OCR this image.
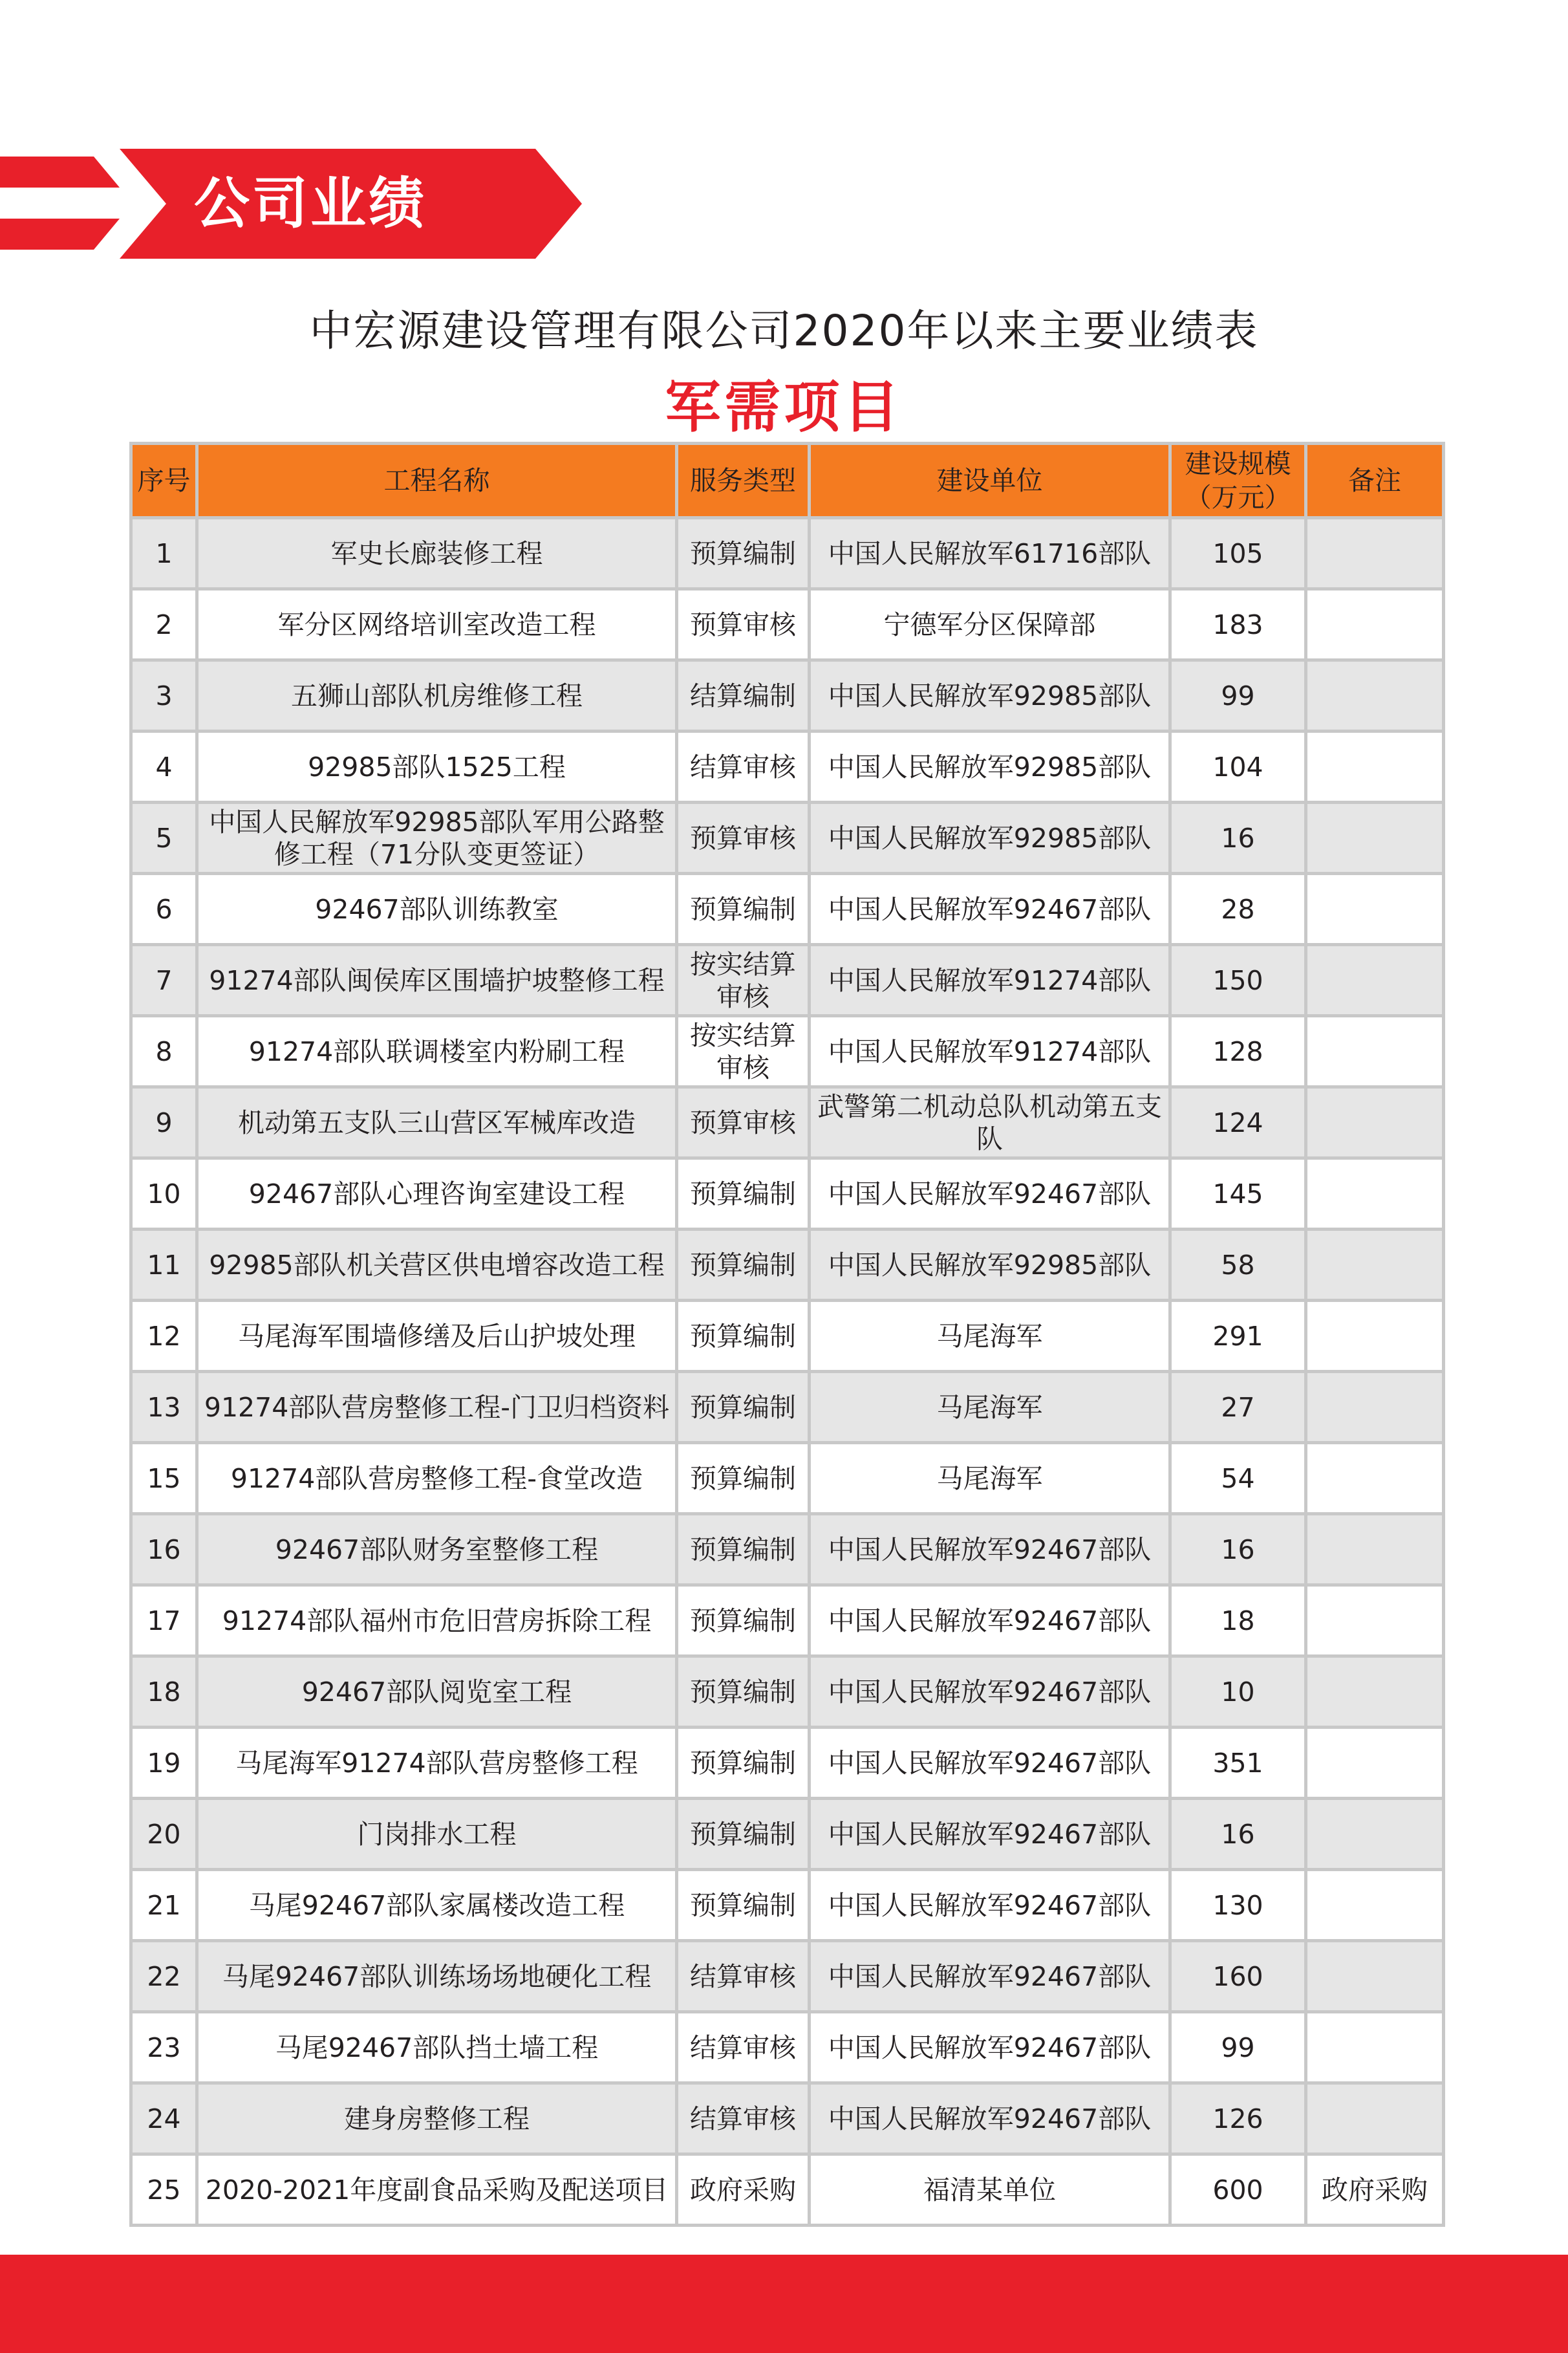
公司业绩
中宏源建设管理有限公司2020年以来主要业绩表
军需项目
序号	工程名称	服务类型	建设单位	建设规模（万元）	备注
1	军史长廊装修工程	预算编制	中国人民解放军61716部队	105	
2	军分区网络培训室改造工程	预算审核	宁德军分区保障部	183	
3	五狮山部队机房维修工程	结算编制	中国人民解放军92985部队	99	
4	92985部队1525工程	结算审核	中国人民解放军92985部队	104	
5	中国人民解放军92985部队军用公路整修工程（71分队变更签证）	预算审核	中国人民解放军92985部队	16	
6	92467部队训练教室	预算编制	中国人民解放军92467部队	28	
7	91274部队闽侯库区围墙护坡整修工程	按实结算审核	中国人民解放军91274部队	150	
8	91274部队联调楼室内粉刷工程	按实结算审核	中国人民解放军91274部队	128	
9	机动第五支队三山营区军械库改造	预算审核	武警第二机动总队机动第五支队	124	
10	92467部队心理咨询室建设工程	预算编制	中国人民解放军92467部队	145	
11	92985部队机关营区供电增容改造工程	预算编制	中国人民解放军92985部队	58	
12	马尾海军围墙修缮及后山护坡处理	预算编制	马尾海军	291	
13	91274部队营房整修工程-门卫归档资料	预算编制	马尾海军	27	
15	91274部队营房整修工程-食堂改造	预算编制	马尾海军	54	
16	92467部队财务室整修工程	预算编制	中国人民解放军92467部队	16	
17	91274部队福州市危旧营房拆除工程	预算编制	中国人民解放军92467部队	18	
18	92467部队阅览室工程	预算编制	中国人民解放军92467部队	10	
19	马尾海军91274部队营房整修工程	预算编制	中国人民解放军92467部队	351	
20	门岗排水工程	预算编制	中国人民解放军92467部队	16	
21	马尾92467部队家属楼改造工程	预算编制	中国人民解放军92467部队	130	
22	马尾92467部队训练场场地硬化工程	结算审核	中国人民解放军92467部队	160	
23	马尾92467部队挡土墙工程	结算审核	中国人民解放军92467部队	99	
24	建身房整修工程	结算审核	中国人民解放军92467部队	126	
25	2020-2021年度副食品采购及配送项目	政府采购	福清某单位	600	政府采购
